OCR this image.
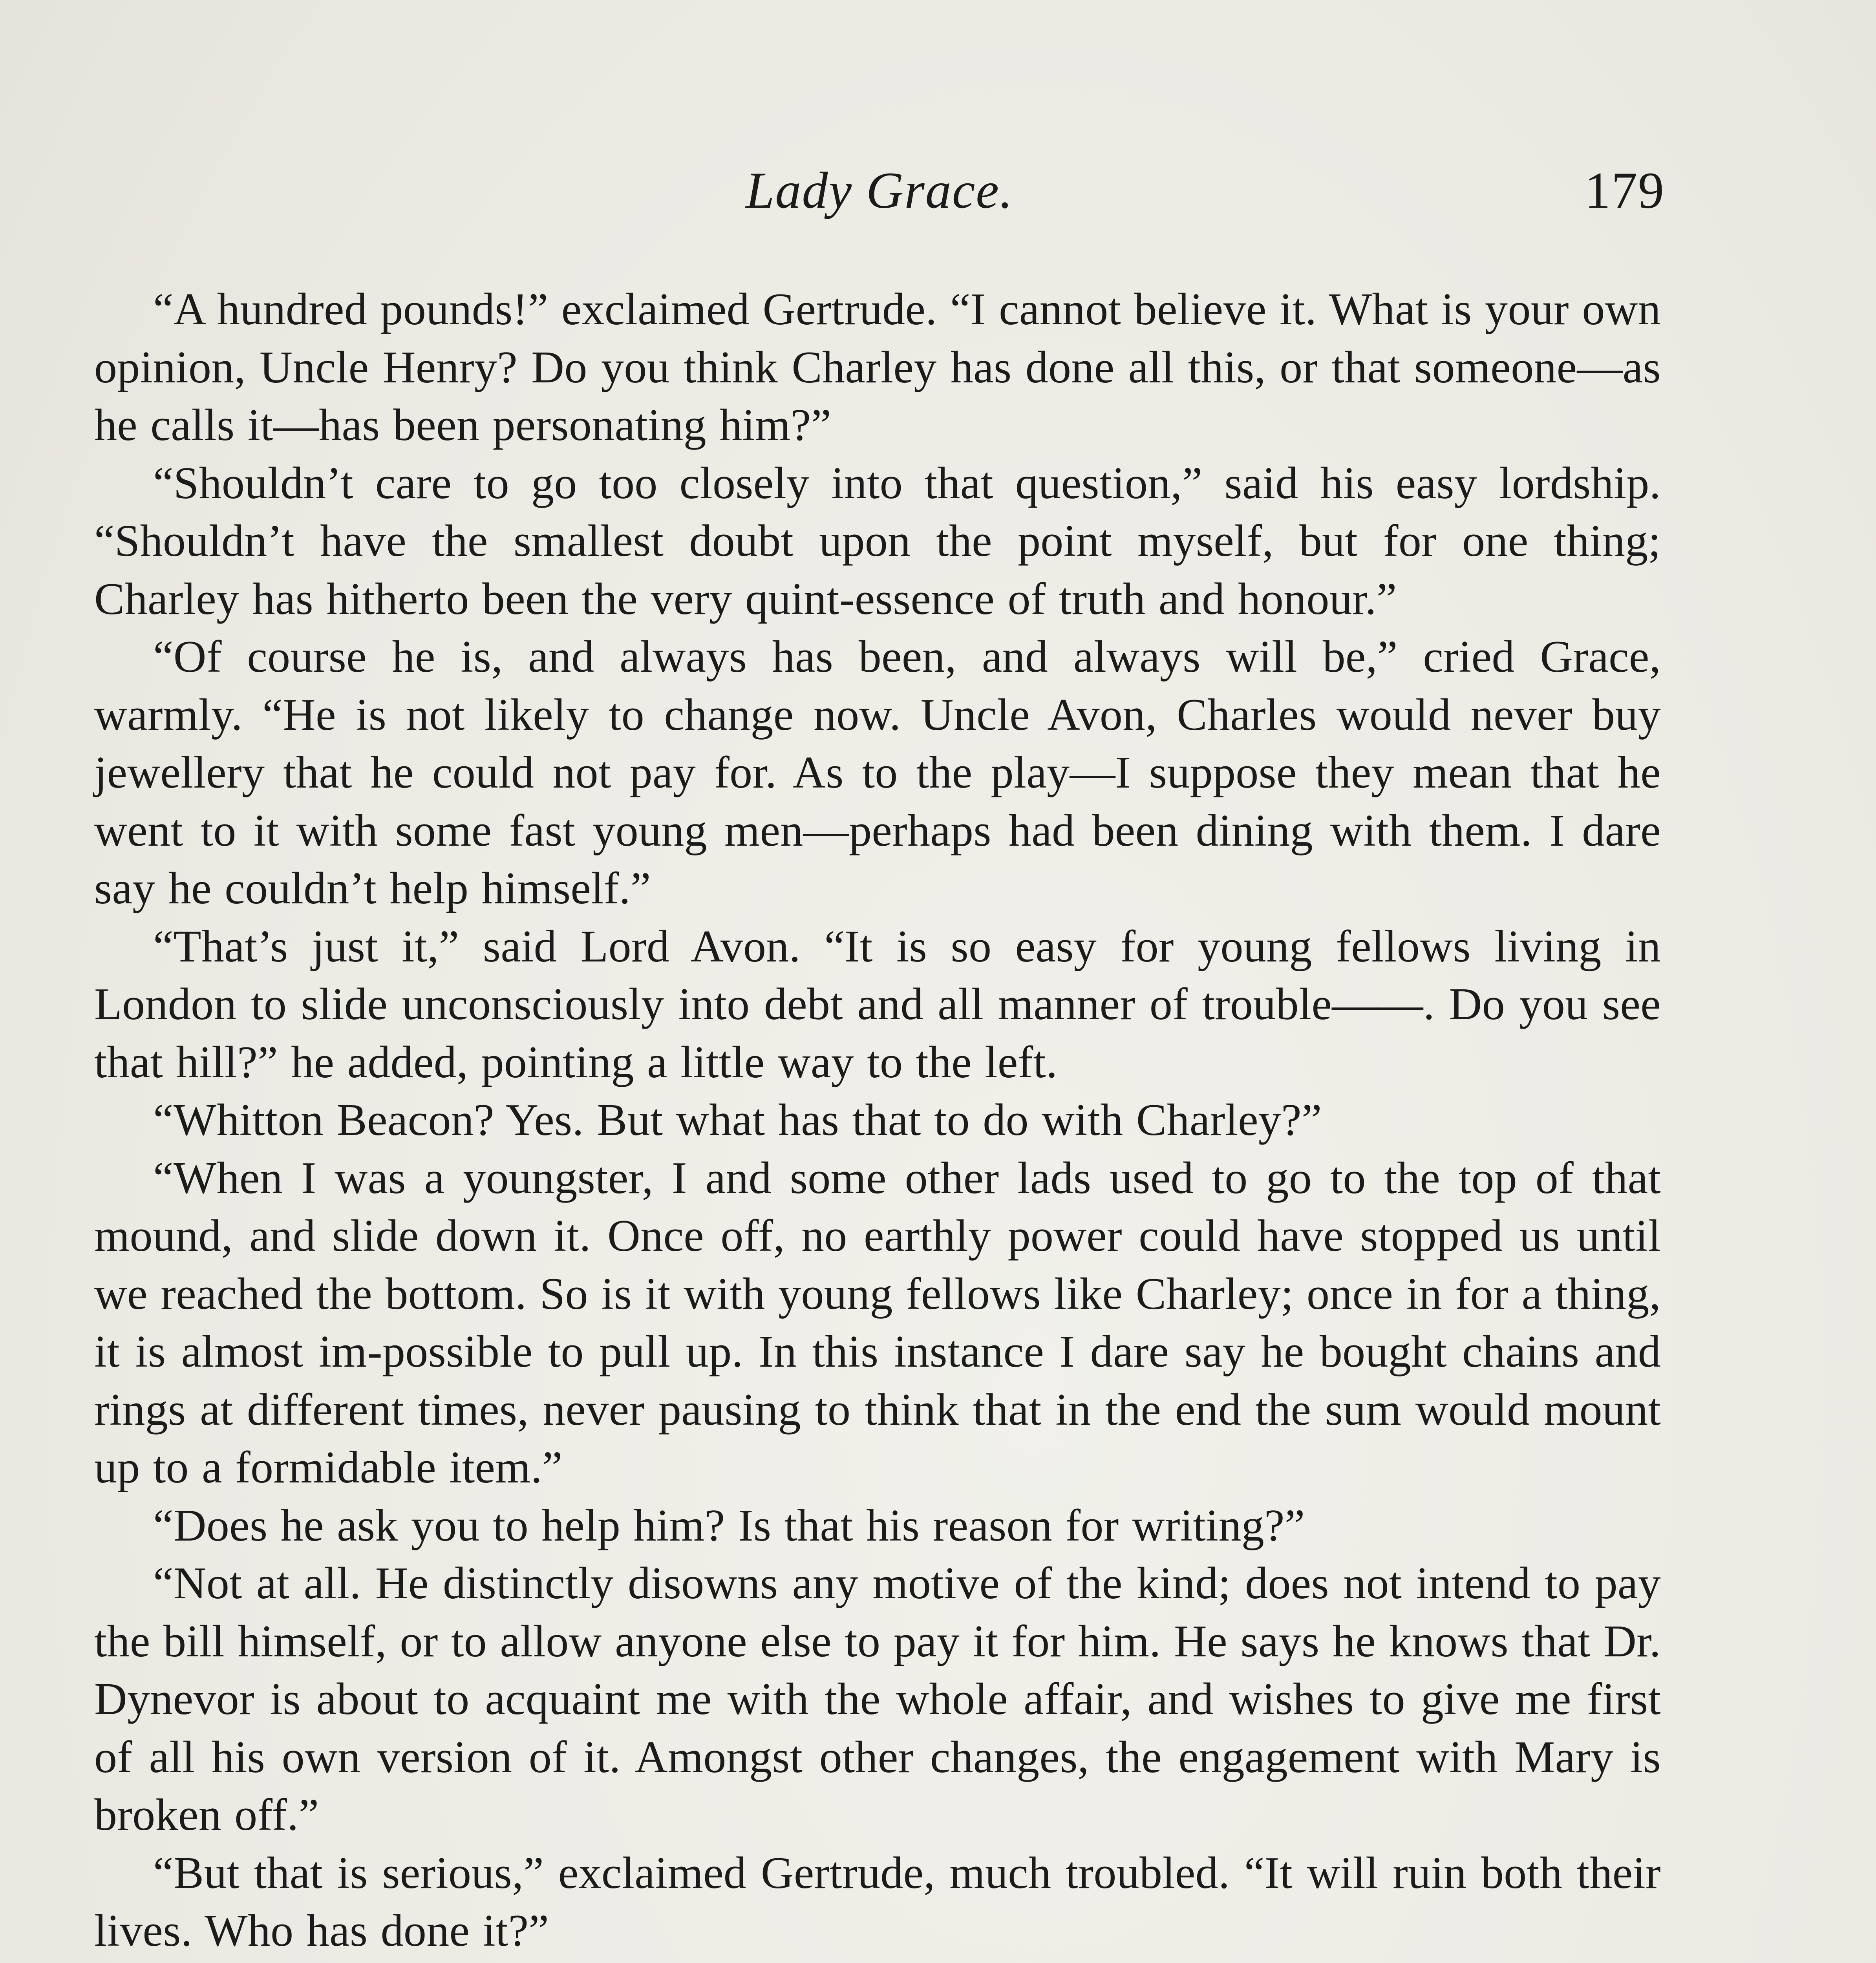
Lady Grace.	179

“A hundred pounds!” exclaimed Gertrude. “I cannot believe it. What is your own opinion, Uncle Henry? Do you think Charley has done all this, or that someone—as he calls it—has been personating him?”

“Shouldn’t care to go too closely into that question,” said his easy lordship. “Shouldn’t have the smallest doubt upon the point myself, but for one thing; Charley has hitherto been the very quint-essence of truth and honour.”

“Of course he is, and always has been, and always will be,” cried Grace, warmly. “He is not likely to change now. Uncle Avon, Charles would never buy jewellery that he could not pay for. As to the play—I suppose they mean that he went to it with some fast young men—perhaps had been dining with them. I dare say he couldn’t help himself.”

“That’s just it,” said Lord Avon. “It is so easy for young fellows living in London to slide unconsciously into debt and all manner of trouble——. Do you see that hill?” he added, pointing a little way to the left.

“Whitton Beacon? Yes. But what has that to do with Charley?”

“When I was a youngster, I and some other lads used to go to the top of that mound, and slide down it. Once off, no earthly power could have stopped us until we reached the bottom. So is it with young fellows like Charley; once in for a thing, it is almost im-possible to pull up. In this instance I dare say he bought chains and rings at different times, never pausing to think that in the end the sum would mount up to a formidable item.”

“Does he ask you to help him? Is that his reason for writing?”

“Not at all. He distinctly disowns any motive of the kind; does not intend to pay the bill himself, or to allow anyone else to pay it for him. He says he knows that Dr. Dynevor is about to acquaint me with the whole affair, and wishes to give me first of all his own version of it. Amongst other changes, the engagement with Mary is broken off.”

“But that is serious,” exclaimed Gertrude, much troubled. “It will ruin both their lives. Who has done it?”
